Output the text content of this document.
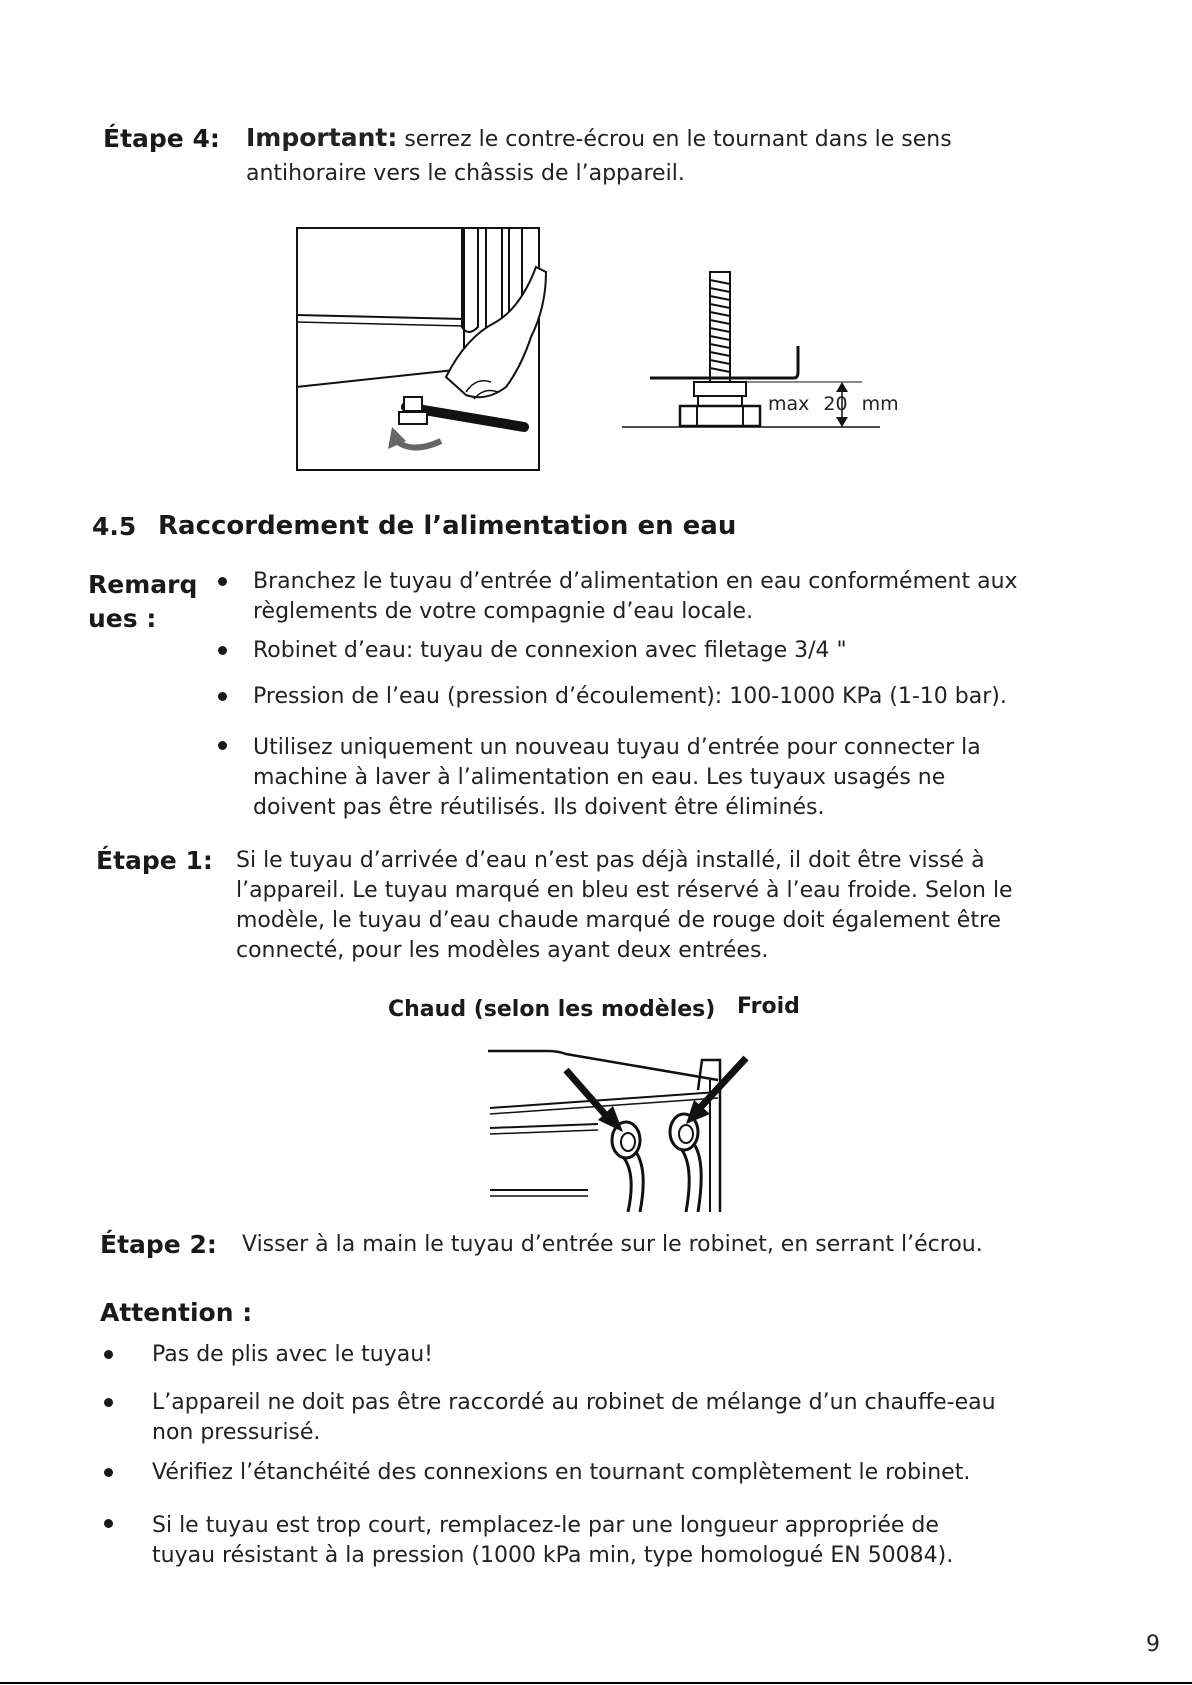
Étape 4: Important: serrez le contre-écrou en le tournant dans le sens
antihoraire vers le châssis de l’appareil.
max 20 mm
4.5 Raccordement de l’alimentation en eau
Remarq
ues :
Branchez le tuyau d’entrée d’alimentation en eau conformément aux règlements de votre compagnie d’eau locale.
Robinet d’eau: tuyau de connexion avec filetage 3/4 "
Pression de l’eau (pression d’écoulement): 100-1000 KPa (1-10 bar).
Utilisez uniquement un nouveau tuyau d’entrée pour connecter la machine à laver à l’alimentation en eau. Les tuyaux usagés ne doivent pas être réutilisés. Ils doivent être éliminés.
Étape 1: Si le tuyau d’arrivée d’eau n’est pas déjà installé, il doit être vissé à l’appareil. Le tuyau marqué en bleu est réservé à l’eau froide. Selon le modèle, le tuyau d’eau chaude marqué de rouge doit également être connecté, pour les modèles ayant deux entrées.
Chaud (selon les modèles) Froid
Étape 2: Visser à la main le tuyau d’entrée sur le robinet, en serrant l’écrou.
Attention :
Pas de plis avec le tuyau!
L’appareil ne doit pas être raccordé au robinet de mélange d’un chauffe-eau non pressurisé.
Vérifiez l’étanchéité des connexions en tournant complètement le robinet.
Si le tuyau est trop court, remplacez-le par une longueur appropriée de tuyau résistant à la pression (1000 kPa min, type homologué EN 50084).
9
